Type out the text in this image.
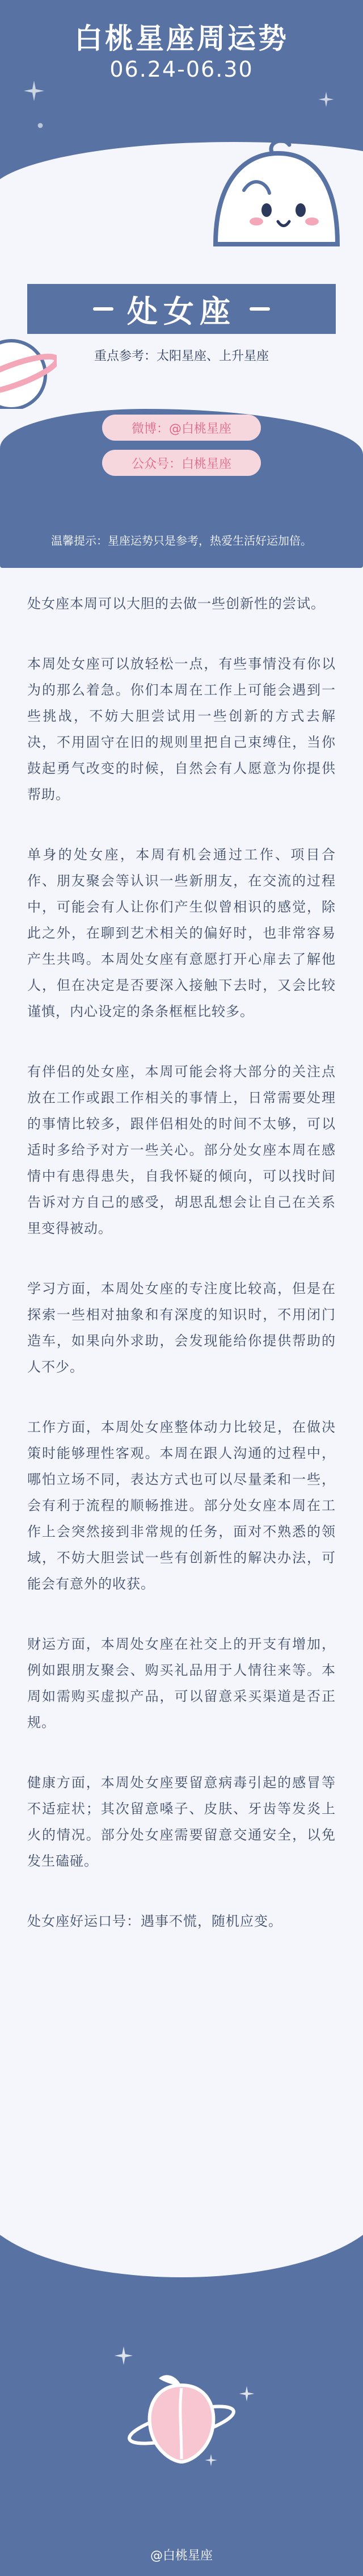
白桃星座周运势
06.24-06.30
处女座
重点参考：太阳星座、上升星座
微博：@白桃星座
公众号：白桃星座
温馨提示：星座运势只是参考，热爱生活好运加倍。

处女座本周可以大胆的去做一些创新性的尝试。

本周处女座可以放轻松一点，有些事情没有你以为的那么着急。你们本周在工作上可能会遇到一些挑战，不妨大胆尝试用一些创新的方式去解决，不用固守在旧的规则里把自己束缚住，当你鼓起勇气改变的时候，自然会有人愿意为你提供帮助。

单身的处女座，本周有机会通过工作、项目合作、朋友聚会等认识一些新朋友，在交流的过程中，可能会有人让你们产生似曾相识的感觉，除此之外，在聊到艺术相关的偏好时，也非常容易产生共鸣。本周处女座有意愿打开心扉去了解他人，但在决定是否要深入接触下去时，又会比较谨慎，内心设定的条条框框比较多。

有伴侣的处女座，本周可能会将大部分的关注点放在工作或跟工作相关的事情上，日常需要处理的事情比较多，跟伴侣相处的时间不太够，可以适时多给予对方一些关心。部分处女座本周在感情中有患得患失，自我怀疑的倾向，可以找时间告诉对方自己的感受，胡思乱想会让自己在关系里变得被动。

学习方面，本周处女座的专注度比较高，但是在探索一些相对抽象和有深度的知识时，不用闭门造车，如果向外求助，会发现能给你提供帮助的人不少。

工作方面，本周处女座整体动力比较足，在做决策时能够理性客观。本周在跟人沟通的过程中，哪怕立场不同，表达方式也可以尽量柔和一些，会有利于流程的顺畅推进。部分处女座本周在工作上会突然接到非常规的任务，面对不熟悉的领域，不妨大胆尝试一些有创新性的解决办法，可能会有意外的收获。

财运方面，本周处女座在社交上的开支有增加，例如跟朋友聚会、购买礼品用于人情往来等。本周如需购买虚拟产品，可以留意采买渠道是否正规。

健康方面，本周处女座要留意病毒引起的感冒等不适症状；其次留意嗓子、皮肤、牙齿等发炎上火的情况。部分处女座需要留意交通安全，以免发生磕碰。

处女座好运口号：遇事不慌，随机应变。

@白桃星座
